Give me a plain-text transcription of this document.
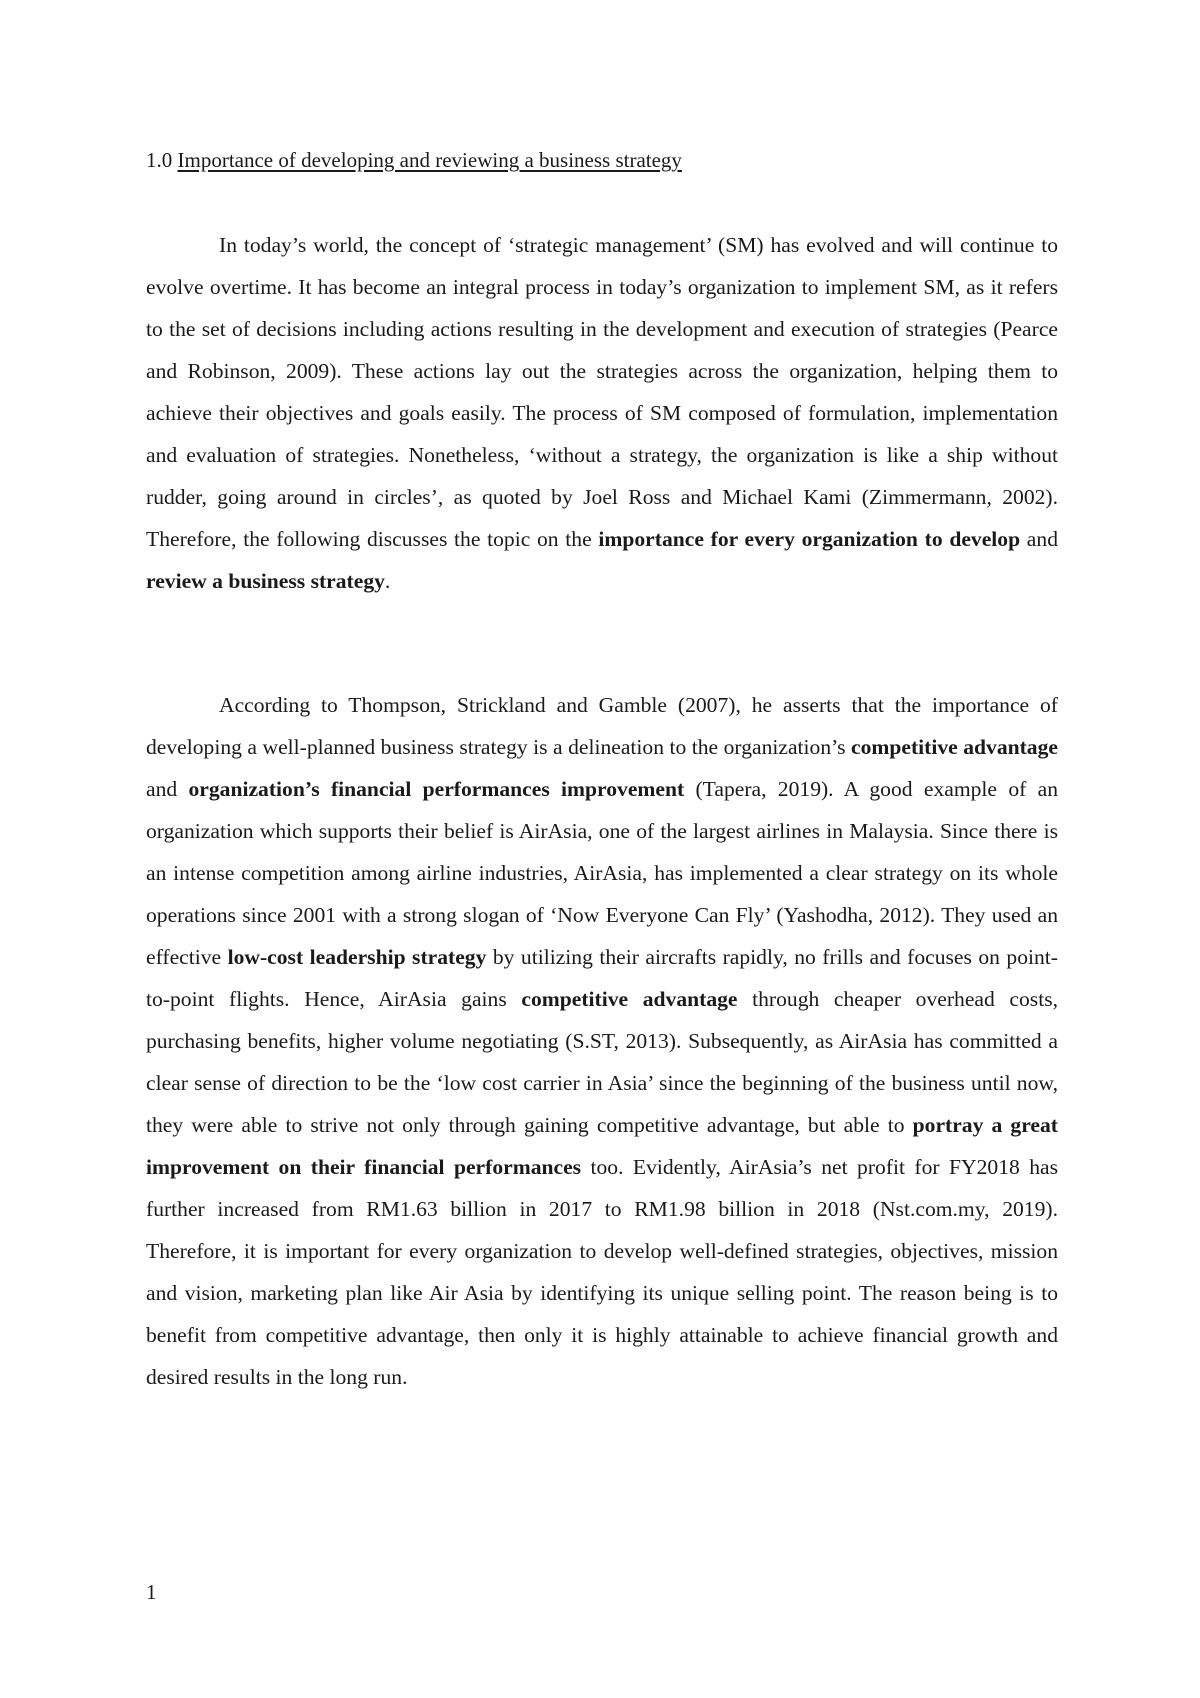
1.0 Importance of developing and reviewing a business strategy

In today’s world, the concept of ‘strategic management’ (SM) has evolved and will continue to evolve overtime. It has become an integral process in today’s organization to implement SM, as it refers to the set of decisions including actions resulting in the development and execution of strategies (Pearce and Robinson, 2009). These actions lay out the strategies across the organization, helping them to achieve their objectives and goals easily. The process of SM composed of formulation, implementation and evaluation of strategies. Nonetheless, ‘without a strategy, the organization is like a ship without rudder, going around in circles’, as quoted by Joel Ross and Michael Kami (Zimmermann, 2002). Therefore, the following discusses the topic on the importance for every organization to develop and review a business strategy.

According to Thompson, Strickland and Gamble (2007), he asserts that the importance of developing a well-planned business strategy is a delineation to the organization’s competitive advantage and organization’s financial performances improvement (Tapera, 2019). A good example of an organization which supports their belief is AirAsia, one of the largest airlines in Malaysia. Since there is an intense competition among airline industries, AirAsia, has implemented a clear strategy on its whole operations since 2001 with a strong slogan of ‘Now Everyone Can Fly’ (Yashodha, 2012). They used an effective low-cost leadership strategy by utilizing their aircrafts rapidly, no frills and focuses on point-to-point flights. Hence, AirAsia gains competitive advantage through cheaper overhead costs, purchasing benefits, higher volume negotiating (S.ST, 2013). Subsequently, as AirAsia has committed a clear sense of direction to be the ‘low cost carrier in Asia’ since the beginning of the business until now, they were able to strive not only through gaining competitive advantage, but able to portray a great improvement on their financial performances too. Evidently, AirAsia’s net profit for FY2018 has further increased from RM1.63 billion in 2017 to RM1.98 billion in 2018 (Nst.com.my, 2019). Therefore, it is important for every organization to develop well-defined strategies, objectives, mission and vision, marketing plan like Air Asia by identifying its unique selling point. The reason being is to benefit from competitive advantage, then only it is highly attainable to achieve financial growth and desired results in the long run.

1
